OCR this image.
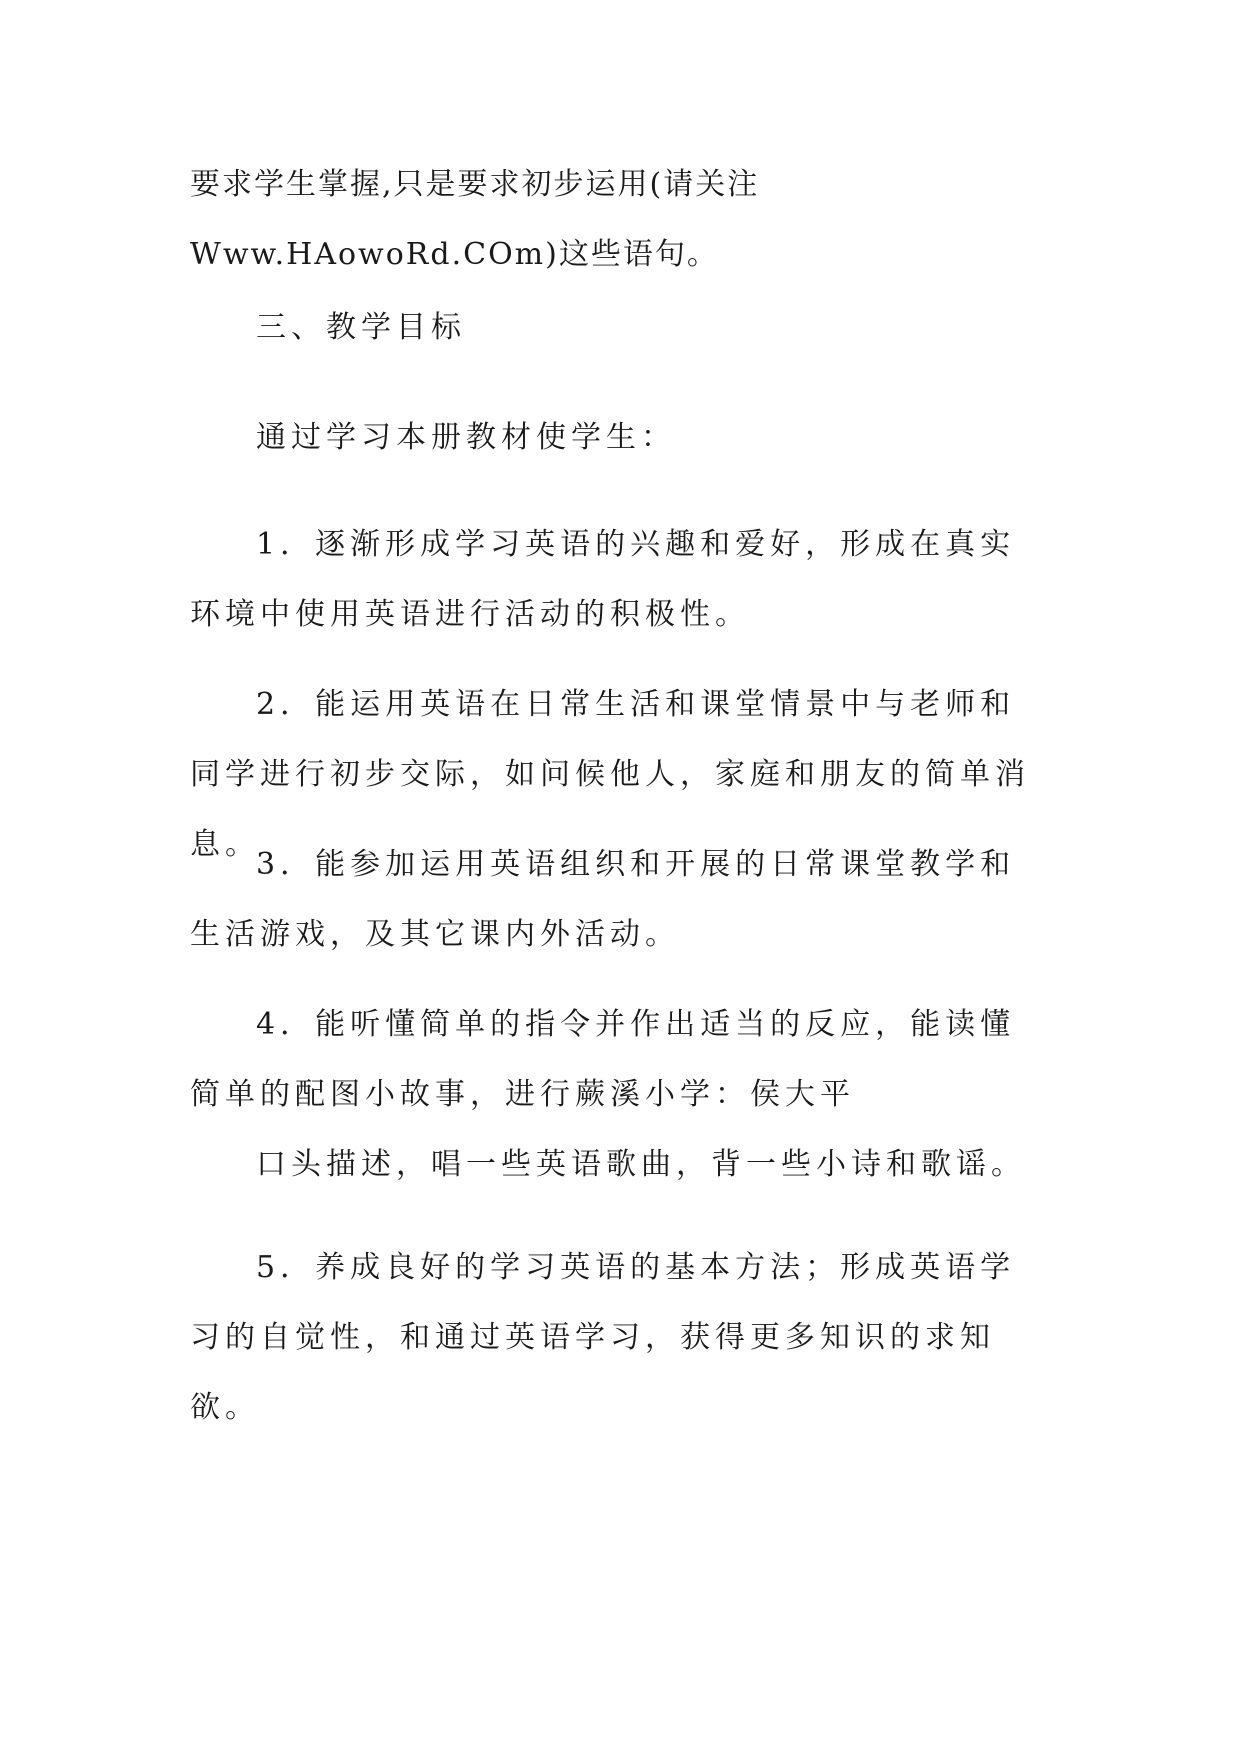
要求学生掌握,只是要求初步运用(请关注Www.HAowoRd.COm)这些语句。

三、教学目标

通过学习本册教材使学生：

1．逐渐形成学习英语的兴趣和爱好，形成在真实环境中使用英语进行活动的积极性。

2．能运用英语在日常生活和课堂情景中与老师和同学进行初步交际，如问候他人，家庭和朋友的简单消息。

3．能参加运用英语组织和开展的日常课堂教学和生活游戏，及其它课内外活动。

4．能听懂简单的指令并作出适当的反应，能读懂简单的配图小故事，进行蕨溪小学：侯大平

口头描述，唱一些英语歌曲，背一些小诗和歌谣。

5．养成良好的学习英语的基本方法；形成英语学习的自觉性，和通过英语学习，获得更多知识的求知欲。
